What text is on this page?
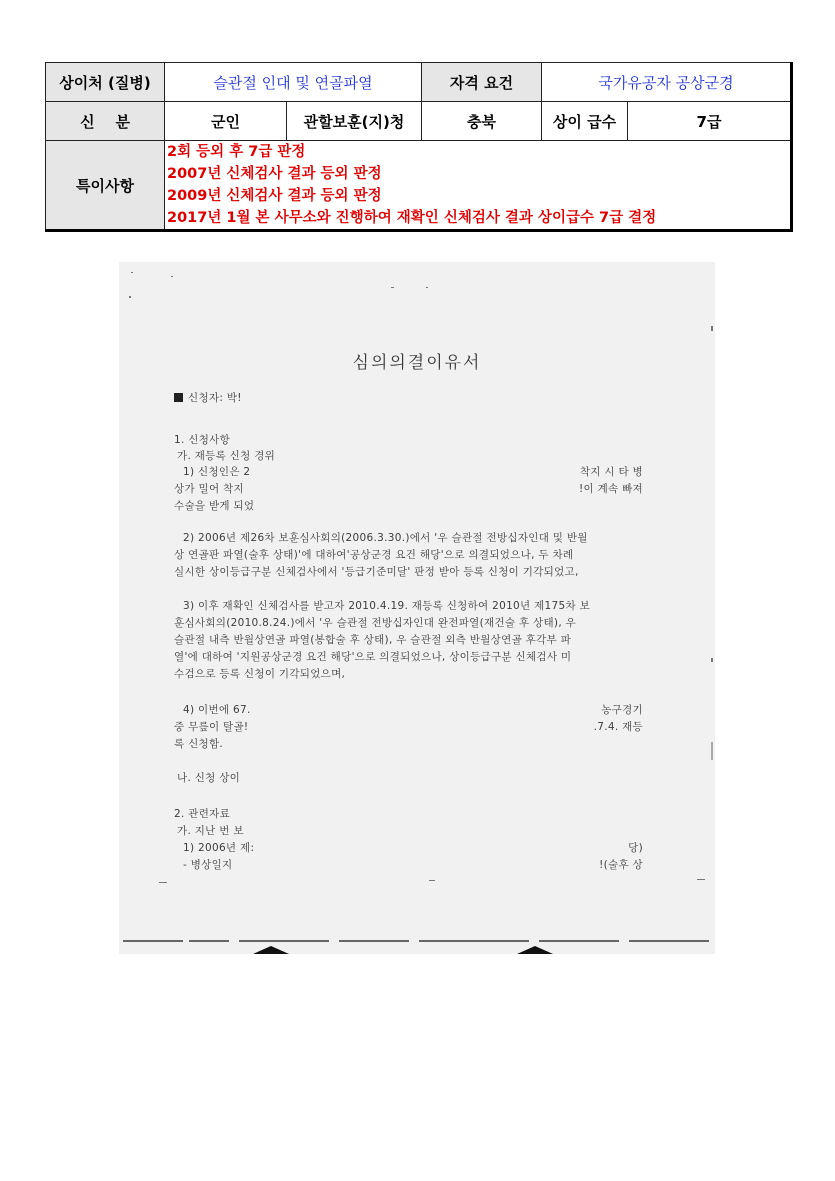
상이처 (질병)	슬관절 인대 및 연골파열		자격 요건	국가유공자 공상군경	
신    분	군인	관할보훈(지)청	충북	상이 급수	7급
특이사항	2회 등외 후 7급 판정
2007년 신체검사 결과 등외 판정
2009년 신체검사 결과 등외 판정
2017년 1월 본 사무소와 진행하여 재확인 신체검사 결과 상이급수 7급 결정				
심의의결이유서
신청자: 박!
1. 신청사항
가. 재등록 신청 경위
1) 신청인은 2	착지 시 타 병
상가 밀어 착지	!이 계속 빠져
수술을 받게 되었
2) 2006년 제26차 보훈심사회의(2006.3.30.)에서 '우 슬관절 전방십자인대 및 반월
상 연골판 파열(술후 상태)'에 대하여'공상군경 요건 해당'으로 의결되었으나, 두 차례
실시한 상이등급구분 신체검사에서 '등급기준미달' 판정 받아 등록 신청이 기각되었고,
3) 이후 재확인 신체검사를 받고자 2010.4.19. 재등록 신청하여 2010년 제175차 보
훈심사회의(2010.8.24.)에서 '우 슬관절 전방십자인대 완전파열(재건술 후 상태), 우
슬관절 내측 반월상연골 파열(봉합술 후 상태), 우 슬관절 외측 반월상연골 후각부 파
열'에 대하여 '지원공상군경 요건 해당'으로 의결되었으나, 상이등급구분 신체검사 미
수검으로 등록 신청이 기각되었으며,
4) 이번에 67.	농구경기
중 무릎이 탈골!	.7.4. 재등
록 신청함.
나. 신청 상이
2. 관련자료
가. 지난 번 보
1) 2006년 제:	당)
- 병상일지	!(술후 상
